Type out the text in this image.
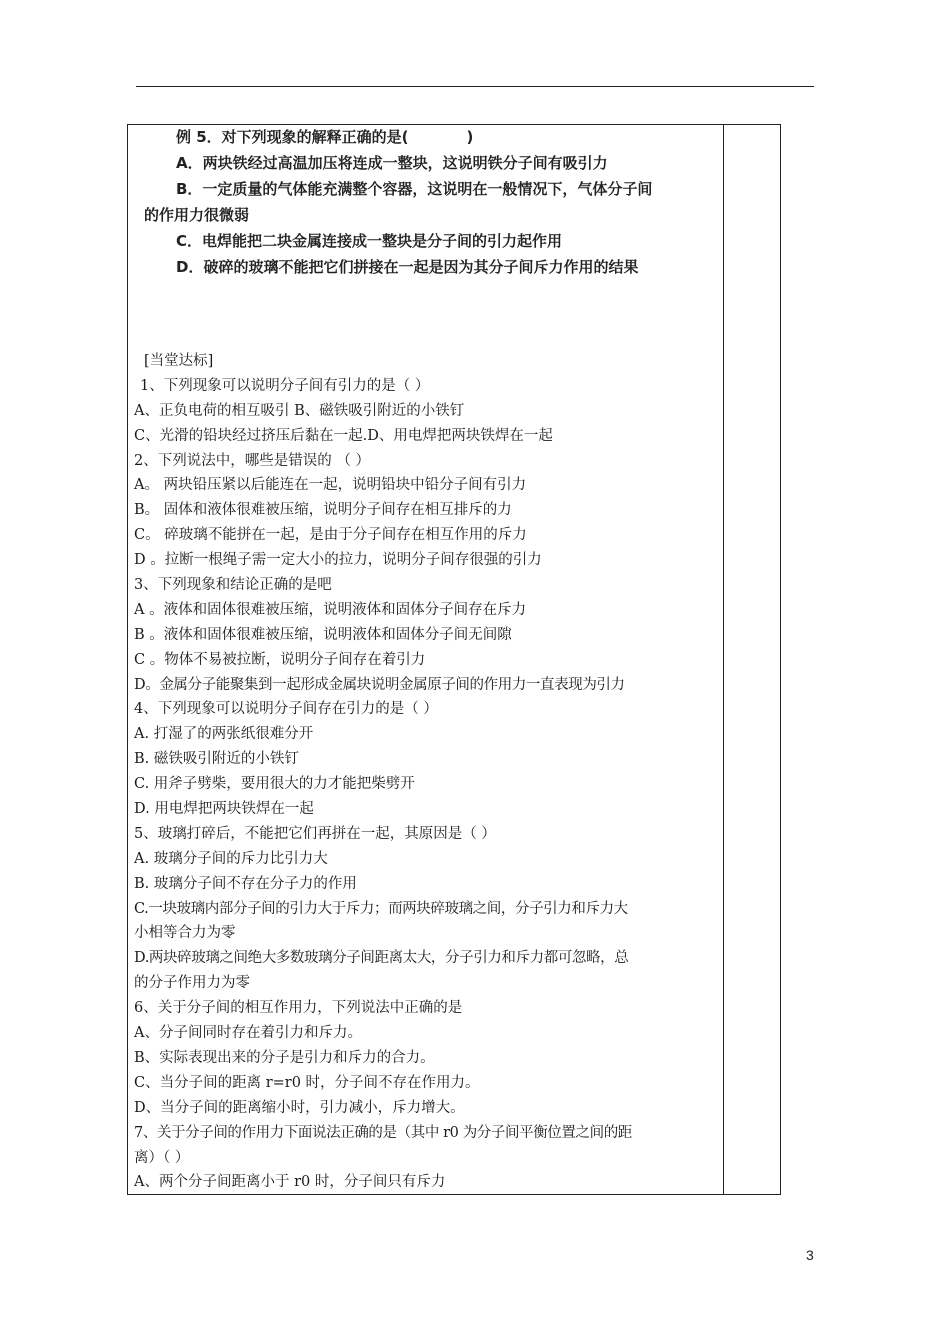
例 5．对下列现象的解释正确的是(	)
A．两块铁经过高温加压将连成一整块，这说明铁分子间有吸引力
B．一定质量的气体能充满整个容器，这说明在一般情况下，气体分子间
的作用力很微弱
C．电焊能把二块金属连接成一整块是分子间的引力起作用
D．破碎的玻璃不能把它们拼接在一起是因为其分子间斥力作用的结果
[当堂达标]
1、下列现象可以说明分子间有引力的是（ ）
A、正负电荷的相互吸引 B、磁铁吸引附近的小铁钉
C、光滑的铅块经过挤压后黏在一起.D、用电焊把两块铁焊在一起
2、下列说法中，哪些是错误的 （ ）
A。 两块铅压紧以后能连在一起，说明铅块中铅分子间有引力
B。 固体和液体很难被压缩，说明分子间存在相互排斥的力
C。 碎玻璃不能拼在一起，是由于分子间存在相互作用的斥力
D 。拉断一根绳子需一定大小的拉力，说明分子间存很强的引力
3、下列现象和结论正确的是吧
A 。液体和固体很难被压缩，说明液体和固体分子间存在斥力
B 。液体和固体很难被压缩，说明液体和固体分子间无间隙
C 。物体不易被拉断，说明分子间存在着引力
D。金属分子能聚集到一起形成金属块说明金属原子间的作用力一直表现为引力
4、下列现象可以说明分子间存在引力的是（ ）
A. 打湿了的两张纸很难分开
B. 磁铁吸引附近的小铁钉
C. 用斧子劈柴，要用很大的力才能把柴劈开
D. 用电焊把两块铁焊在一起
5、玻璃打碎后，不能把它们再拼在一起，其原因是（ ）
A. 玻璃分子间的斥力比引力大
B. 玻璃分子间不存在分子力的作用
C.一块玻璃内部分子间的引力大于斥力；而两块碎玻璃之间，分子引力和斥力大
小相等合力为零
D.两块碎玻璃之间绝大多数玻璃分子间距离太大，分子引力和斥力都可忽略，总
的分子作用力为零
6、关于分子间的相互作用力，下列说法中正确的是
A、分子间同时存在着引力和斥力。
B、实际表现出来的分子是引力和斥力的合力。
C、当分子间的距离 r=r0 时，分子间不存在作用力。
D、当分子间的距离缩小时，引力减小，斥力增大。
7、关于分子间的作用力下面说法正确的是（其中 r0 为分子间平衡位置之间的距
离）（ ）
A、两个分子间距离小于 r0 时，分子间只有斥力
3
